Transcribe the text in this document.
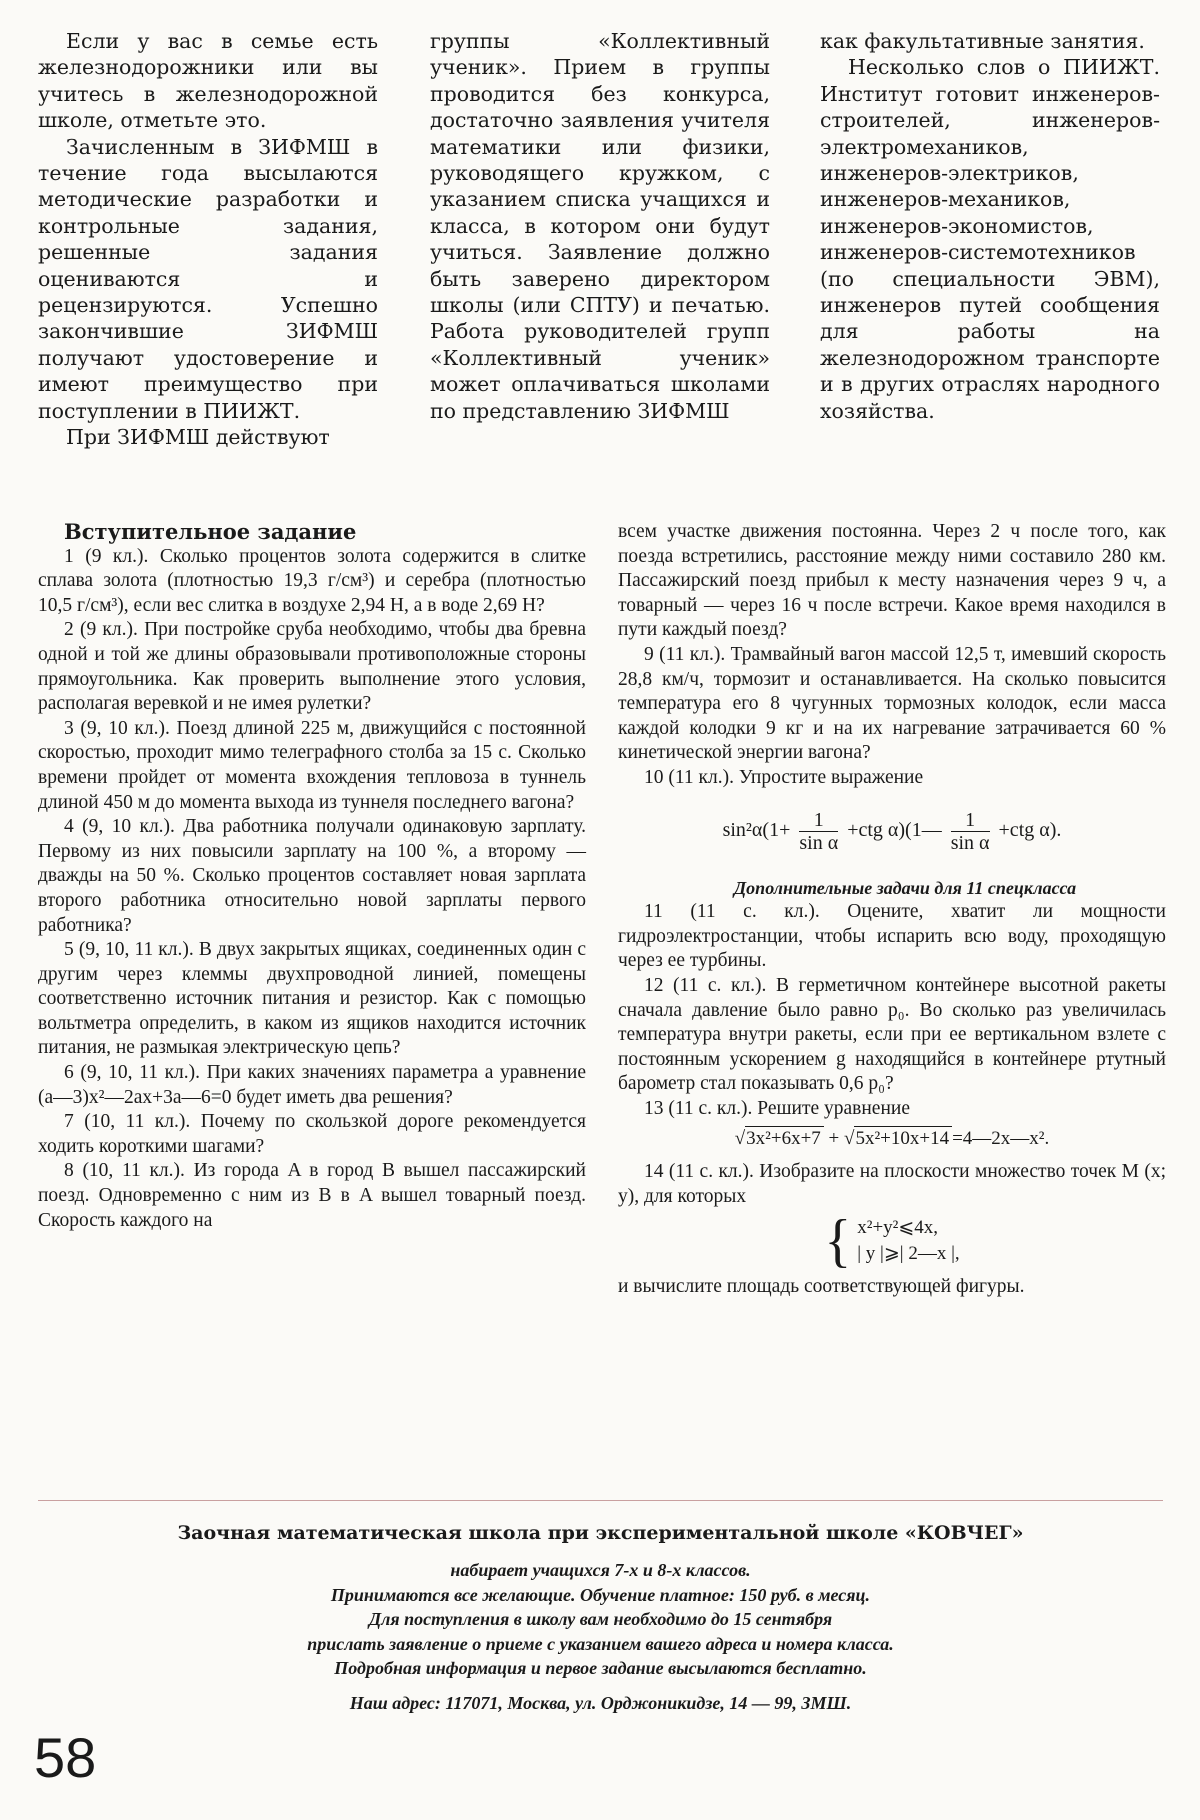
Если у вас в семье есть железнодорожники или вы учитесь в железнодорожной школе, отметьте это.

Зачисленным в ЗИФМШ в течение года высылаются методические разработки и контрольные задания, решенные задания оцениваются и рецензируются. Успешно закончившие ЗИФМШ получают удостоверение и имеют преимущество при поступлении в ПИИЖТ.

При ЗИФМШ действуют

группы «Коллективный ученик». Прием в группы проводится без конкурса, достаточно заявления учителя математики или физики, руководящего кружком, с указанием списка учащихся и класса, в котором они будут учиться. Заявление должно быть заверено директором школы (или СПТУ) и печатью. Работа руководителей групп «Коллективный ученик» может оплачиваться школами по представлению ЗИФМШ

как факультативные занятия.

Несколько слов о ПИИЖТ. Институт готовит инженеров-строителей, инженеров-электромехаников, инженеров-электриков, инженеров-механиков, инженеров-экономистов, инженеров-системотехников (по специальности ЭВМ), инженеров путей сообщения для работы на железнодорожном транспорте и в других отраслях народного хозяйства.

Вступительное задание

1 (9 кл.). Сколько процентов золота содержится в слитке сплава золота (плотностью 19,3 г/см³) и серебра (плотностью 10,5 г/см³), если вес слитка в воздухе 2,94 Н, а в воде 2,69 Н?

2 (9 кл.). При постройке сруба необходимо, чтобы два бревна одной и той же длины образовывали противоположные стороны прямоугольника. Как проверить выполнение этого условия, располагая веревкой и не имея рулетки?

3 (9, 10 кл.). Поезд длиной 225 м, движущийся с постоянной скоростью, проходит мимо телеграфного столба за 15 с. Сколько времени пройдет от момента вхождения тепловоза в туннель длиной 450 м до момента выхода из туннеля последнего вагона?

4 (9, 10 кл.). Два работника получали одинаковую зарплату. Первому из них повысили зарплату на 100 %, а второму — дважды на 50 %. Сколько процентов составляет новая зарплата второго работника относительно новой зарплаты первого работника?

5 (9, 10, 11 кл.). В двух закрытых ящиках, соединенных один с другим через клеммы двухпроводной линией, помещены соответственно источник питания и резистор. Как с помощью вольтметра определить, в каком из ящиков находится источник питания, не размыкая электрическую цепь?

6 (9, 10, 11 кл.). При каких значениях параметра a уравнение (a—3)x²—2ax+3a—6=0 будет иметь два решения?

7 (10, 11 кл.). Почему по скользкой дороге рекомендуется ходить короткими шагами?

8 (10, 11 кл.). Из города A в город B вышел пассажирский поезд. Одновременно с ним из B в A вышел товарный поезд. Скорость каждого на

всем участке движения постоянна. Через 2 ч после того, как поезда встретились, расстояние между ними составило 280 км. Пассажирский поезд прибыл к месту назначения через 9 ч, а товарный — через 16 ч после встречи. Какое время находился в пути каждый поезд?

9 (11 кл.). Трамвайный вагон массой 12,5 т, имевший скорость 28,8 км/ч, тормозит и останавливается. На сколько повысится температура его 8 чугунных тормозных колодок, если масса каждой колодки 9 кг и на их нагревание затрачивается 60 % кинетической энергии вагона?

10 (11 кл.). Упростите выражение

$\sin^2\alpha(1+ \frac{1}{\text{sin α}} +ctg$ α)(1— $\frac{1}{\text{sin α}} +ctg$ α).

Дополнительные задачи для 11 спецкласса

11 (11 с. кл.). Оцените, хватит ли мощности гидроэлектростанции, чтобы испарить всю воду, проходящую через ее турбины.

12 (11 с. кл.). В герметичном контейнере высотной ракеты сначала давление было равно p₀. Во сколько раз увеличилась температура внутри ракеты, если при ее вертикальном взлете с постоянным ускорением g находящийся в контейнере ртутный барометр стал показывать 0,6 p₀?

13 (11 с. кл.). Решите уравнение

√3x²+6x+7 + √5x²+10x+14 =4—2x—x².

14 (11 с. кл.). Изобразите на плоскости множество точек M (x; y), для которых

{ x²+y²⩽4x,
| y |⩾| 2—x |,

и вычислите площадь соответствующей фигуры.

Заочная математическая школа при экспериментальной школе «КОВЧЕГ»

набирает учащихся 7-х и 8-х классов.

Принимаются все желающие. Обучение платное: 150 руб. в месяц.

Для поступления в школу вам необходимо до 15 сентября

прислать заявление о приеме с указанием вашего адреса и номера класса.

Подробная информация и первое задание высылаются бесплатно.

Наш адрес: 117071, Москва, ул. Орджоникидзе, 14 — 99, ЗМШ.

58
